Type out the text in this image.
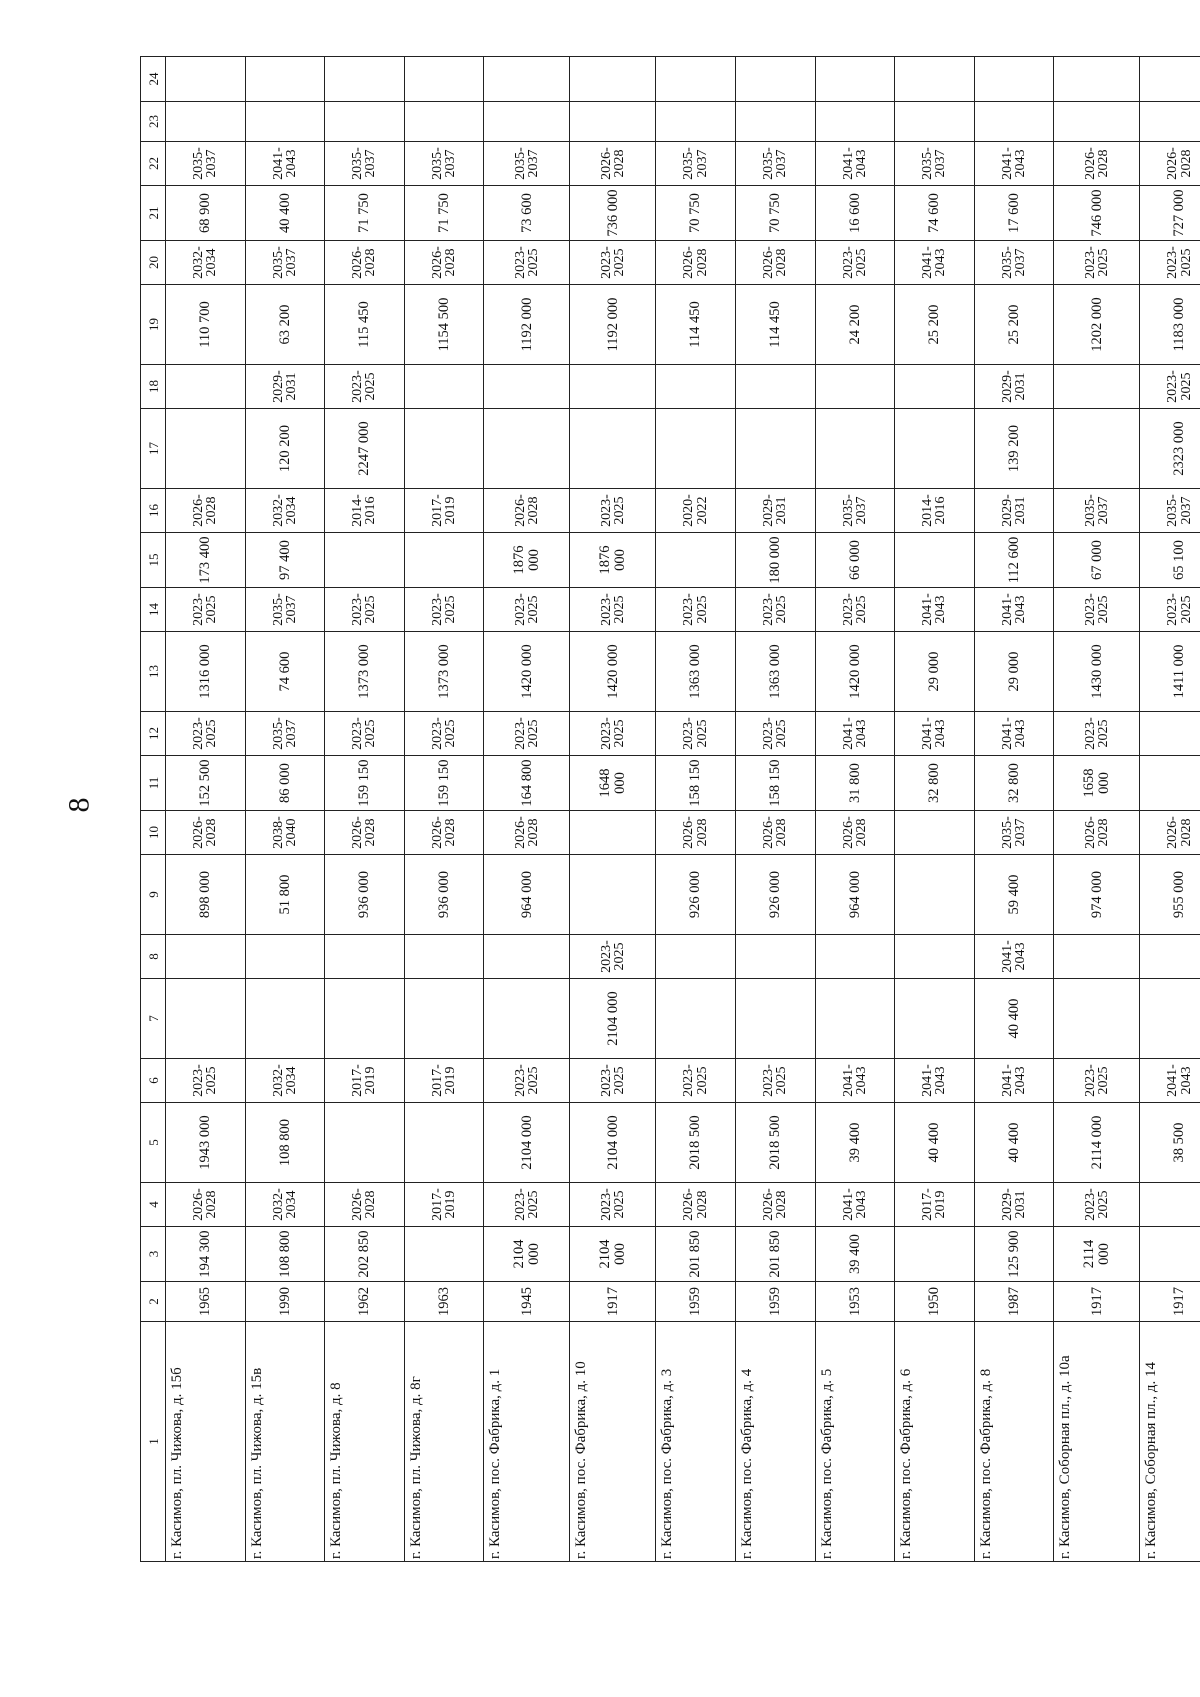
8
1	2	3	4	5	6	7	8	9	10	11	12	13	14	15	16	17	18	19	20	21	22	23	24
г. Касимов, пл. Чижова, д. 15б	1965	194 300	2026-2028	1943 000	2023-2025			898 000	2026-2028	152 500	2023-2025	1316 000	2023-2025	173 400	2026-2028			110 700	2032-2034	68 900	2035-2037		
г. Касимов, пл. Чижова, д. 15в	1990	108 800	2032-2034	108 800	2032-2034			51 800	2038-2040	86 000	2035-2037	74 600	2035-2037	97 400	2032-2034	120 200	2029-2031	63 200	2035-2037	40 400	2041-2043		
г. Касимов, пл. Чижова, д. 8	1962	202 850	2026-2028		2017-2019			936 000	2026-2028	159 150	2023-2025	1373 000	2023-2025		2014-2016	2247 000	2023-2025	115 450	2026-2028	71 750	2035-2037		
г. Касимов, пл. Чижова, д. 8г	1963		2017-2019		2017-2019			936 000	2026-2028	159 150	2023-2025	1373 000	2023-2025		2017-2019			1154 500	2026-2028	71 750	2035-2037		
г. Касимов, пос. Фабрика, д. 1	1945	2104 000	2023-2025	2104 000	2023-2025			964 000	2026-2028	164 800	2023-2025	1420 000	2023-2025	1876 000	2026-2028			1192 000	2023-2025	73 600	2035-2037		
г. Касимов, пос. Фабрика, д. 10	1917	2104 000	2023-2025	2104 000	2023-2025	2104 000	2023-2025			1648 000	2023-2025	1420 000	2023-2025	1876 000	2023-2025			1192 000	2023-2025	736 000	2026-2028		
г. Касимов, пос. Фабрика, д. 3	1959	201 850	2026-2028	2018 500	2023-2025			926 000	2026-2028	158 150	2023-2025	1363 000	2023-2025		2020-2022			114 450	2026-2028	70 750	2035-2037		
г. Касимов, пос. Фабрика, д. 4	1959	201 850	2026-2028	2018 500	2023-2025			926 000	2026-2028	158 150	2023-2025	1363 000	2023-2025	180 000	2029-2031			114 450	2026-2028	70 750	2035-2037		
г. Касимов, пос. Фабрика, д. 5	1953	39 400	2041-2043	39 400	2041-2043			964 000	2026-2028	31 800	2041-2043	1420 000	2023-2025	66 000	2035-2037			24 200	2023-2025	16 600	2041-2043		
г. Касимов, пос. Фабрика, д. 6	1950		2017-2019	40 400	2041-2043					32 800	2041-2043	29 000	2041-2043		2014-2016			25 200	2041-2043	74 600	2035-2037		
г. Касимов, пос. Фабрика, д. 8	1987	125 900	2029-2031	40 400	2041-2043	40 400	2041-2043	59 400	2035-2037	32 800	2041-2043	29 000	2041-2043	112 600	2029-2031	139 200	2029-2031	25 200	2035-2037	17 600	2041-2043		
г. Касимов, Соборная пл., д. 10а	1917	2114 000	2023-2025	2114 000	2023-2025			974 000	2026-2028	1658 000	2023-2025	1430 000	2023-2025	67 000	2035-2037			1202 000	2023-2025	746 000	2026-2028		
г. Касимов, Соборная пл., д. 14	1917			38 500	2041-2043			955 000	2026-2028			1411 000	2023-2025	65 100	2035-2037	2323 000	2023-2025	1183 000	2023-2025	727 000	2026-2028		
